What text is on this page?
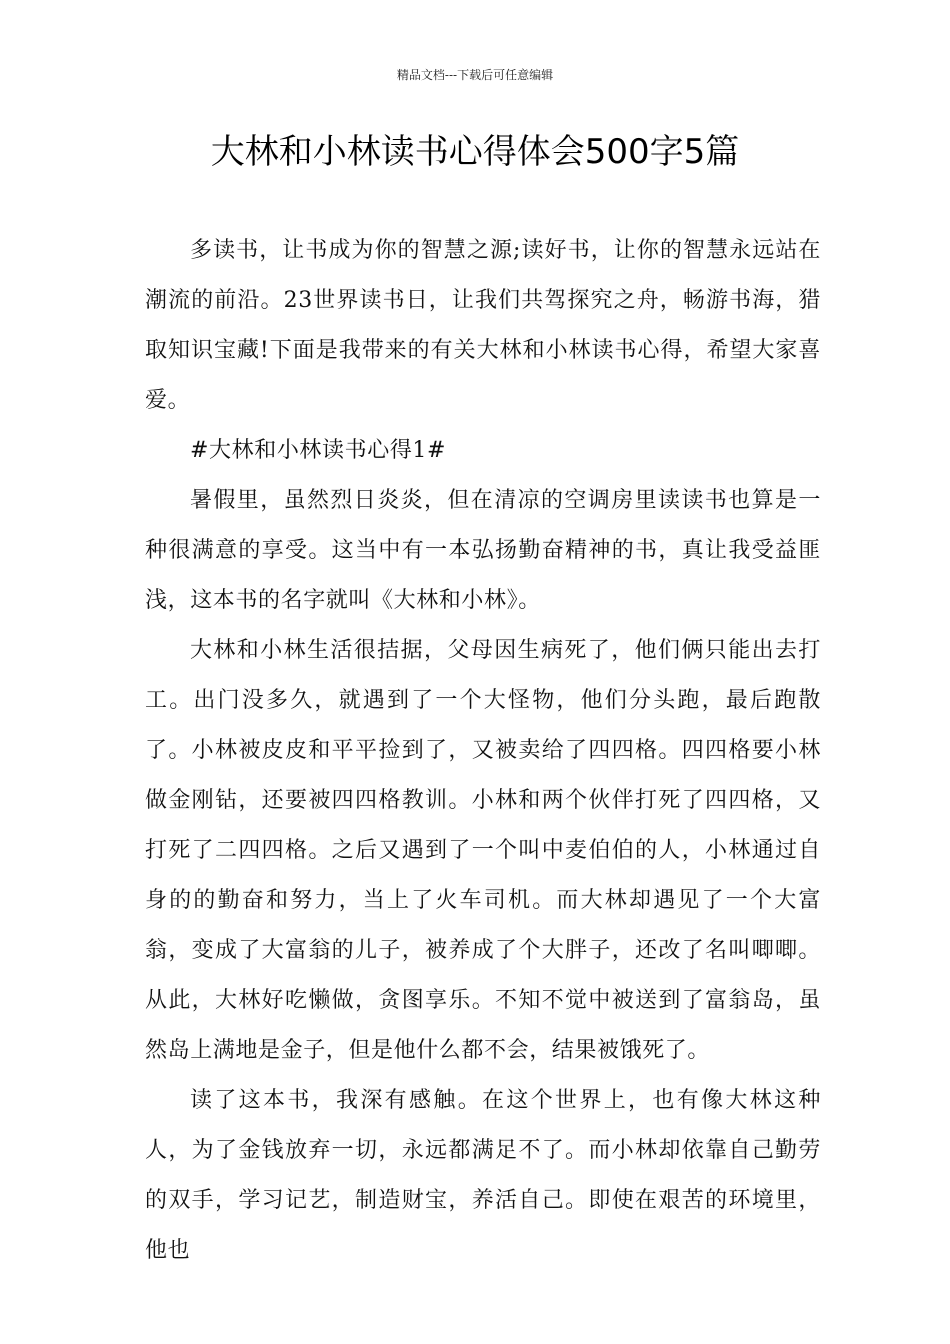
精品文档---下载后可任意编辑
大林和小林读书心得体会500字5篇

多读书，让书成为你的智慧之源;读好书，让你的智慧永远站在潮流的前沿。23世界读书日，让我们共驾探究之舟，畅游书海，猎取知识宝藏!下面是我带来的有关大林和小林读书心得，希望大家喜爱。

#大林和小林读书心得1#

暑假里，虽然烈日炎炎，但在清凉的空调房里读读书也算是一种很满意的享受。这当中有一本弘扬勤奋精神的书，真让我受益匪浅，这本书的名字就叫《大林和小林》。

大林和小林生活很拮据，父母因生病死了，他们俩只能出去打工。出门没多久，就遇到了一个大怪物，他们分头跑，最后跑散了。小林被皮皮和平平捡到了，又被卖给了四四格。四四格要小林做金刚钻，还要被四四格教训。小林和两个伙伴打死了四四格，又打死了二四四格。之后又遇到了一个叫中麦伯伯的人，小林通过自身的的勤奋和努力，当上了火车司机。而大林却遇见了一个大富翁，变成了大富翁的儿子，被养成了个大胖子，还改了名叫唧唧。从此，大林好吃懒做，贪图享乐。不知不觉中被送到了富翁岛，虽然岛上满地是金子，但是他什么都不会，结果被饿死了。

读了这本书，我深有感触。在这个世界上，也有像大林这种人，为了金钱放弃一切，永远都满足不了。而小林却依靠自己勤劳的双手，学习记艺，制造财宝，养活自己。即使在艰苦的环境里，他也
